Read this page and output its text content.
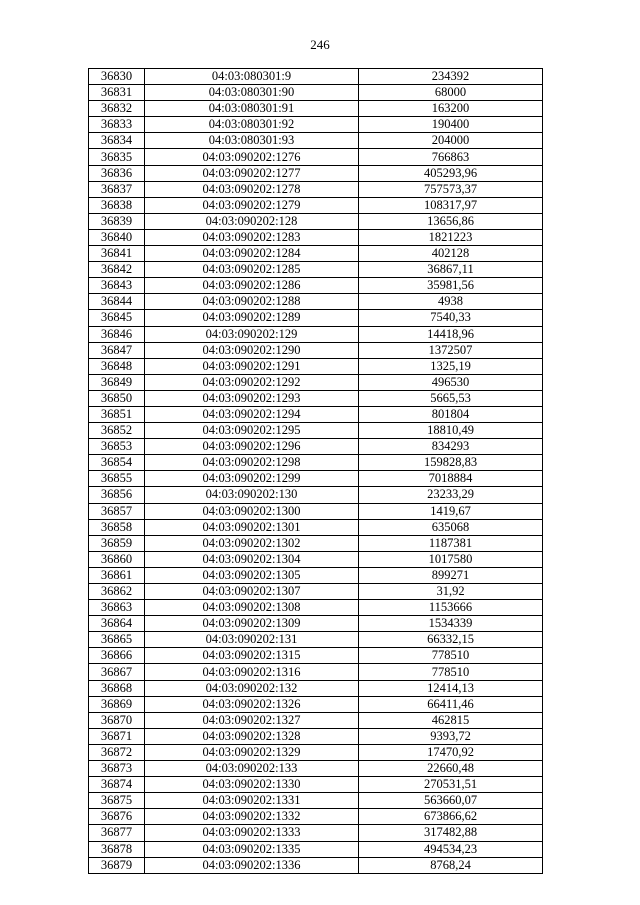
246
36830	04:03:080301:9	234392
36831	04:03:080301:90	68000
36832	04:03:080301:91	163200
36833	04:03:080301:92	190400
36834	04:03:080301:93	204000
36835	04:03:090202:1276	766863
36836	04:03:090202:1277	405293,96
36837	04:03:090202:1278	757573,37
36838	04:03:090202:1279	108317,97
36839	04:03:090202:128	13656,86
36840	04:03:090202:1283	1821223
36841	04:03:090202:1284	402128
36842	04:03:090202:1285	36867,11
36843	04:03:090202:1286	35981,56
36844	04:03:090202:1288	4938
36845	04:03:090202:1289	7540,33
36846	04:03:090202:129	14418,96
36847	04:03:090202:1290	1372507
36848	04:03:090202:1291	1325,19
36849	04:03:090202:1292	496530
36850	04:03:090202:1293	5665,53
36851	04:03:090202:1294	801804
36852	04:03:090202:1295	18810,49
36853	04:03:090202:1296	834293
36854	04:03:090202:1298	159828,83
36855	04:03:090202:1299	7018884
36856	04:03:090202:130	23233,29
36857	04:03:090202:1300	1419,67
36858	04:03:090202:1301	635068
36859	04:03:090202:1302	1187381
36860	04:03:090202:1304	1017580
36861	04:03:090202:1305	899271
36862	04:03:090202:1307	31,92
36863	04:03:090202:1308	1153666
36864	04:03:090202:1309	1534339
36865	04:03:090202:131	66332,15
36866	04:03:090202:1315	778510
36867	04:03:090202:1316	778510
36868	04:03:090202:132	12414,13
36869	04:03:090202:1326	66411,46
36870	04:03:090202:1327	462815
36871	04:03:090202:1328	9393,72
36872	04:03:090202:1329	17470,92
36873	04:03:090202:133	22660,48
36874	04:03:090202:1330	270531,51
36875	04:03:090202:1331	563660,07
36876	04:03:090202:1332	673866,62
36877	04:03:090202:1333	317482,88
36878	04:03:090202:1335	494534,23
36879	04:03:090202:1336	8768,24
